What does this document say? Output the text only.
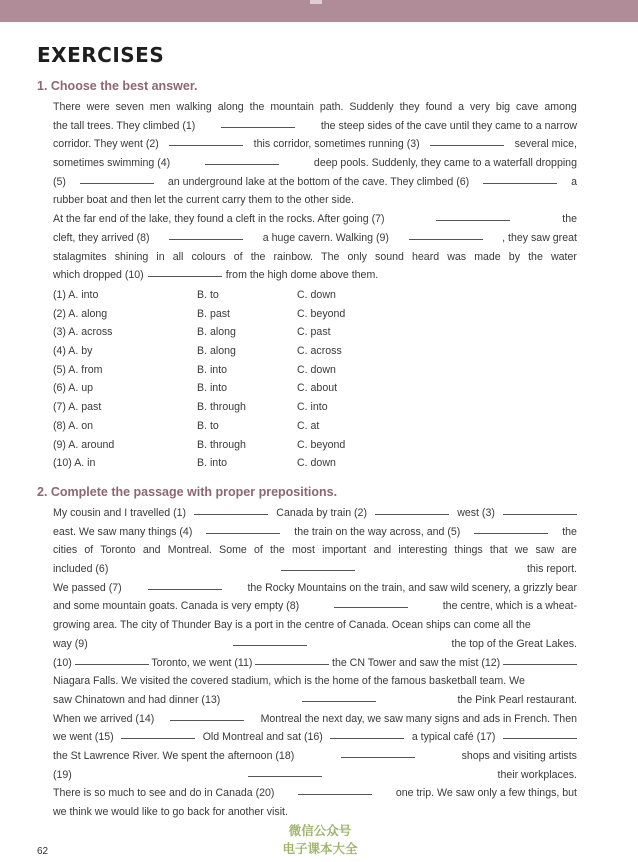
EXERCISES
1. Choose the best answer.
There were seven men walking along the mountain path. Suddenly they found a very big cave among
the tall trees. They climbed (1)	the steep sides of the cave until they came to a narrow
corridor. They went (2)	this corridor, sometimes running (3)	several mice,
sometimes swimming (4)	deep pools. Suddenly, they came to a waterfall dropping
(5)	an underground lake at the bottom of the cave. They climbed (6)	a
rubber boat and then let the current carry them to the other side.
At the far end of the lake, they found a cleft in the rocks. After going (7)	the
cleft, they arrived (8)	a huge cavern. Walking (9)	, they saw great
stalagmites shining in all colours of the rainbow. The only sound heard was made by the water
which dropped (10)	from the high dome above them.
(1) A. into	B. to	C. down
(2) A. along	B. past	C. beyond
(3) A. across	B. along	C. past
(4) A. by	B. along	C. across
(5) A. from	B. into	C. down
(6) A. up	B. into	C. about
(7) A. past	B. through	C. into
(8) A. on	B. to	C. at
(9) A. around	B. through	C. beyond
(10) A. in	B. into	C. down
2. Complete the passage with proper prepositions.
My cousin and I travelled (1)	Canada by train (2)	west (3)
east. We saw many things (4)	the train on the way across, and (5)	the
cities of Toronto and Montreal. Some of the most important and interesting things that we saw are
included (6)	this report.
We passed (7)	the Rocky Mountains on the train, and saw wild scenery, a grizzly bear
and some mountain goats. Canada is very empty (8)	the centre, which is a wheat-
growing area. The city of Thunder Bay is a port in the centre of Canada. Ocean ships can come all the
way (9)	the top of the Great Lakes.
(10)	Toronto, we went (11)	the CN Tower and saw the mist (12)
Niagara Falls. We visited the covered stadium, which is the home of the famous basketball team. We
saw Chinatown and had dinner (13)	the Pink Pearl restaurant.
When we arrived (14)	Montreal the next day, we saw many signs and ads in French. Then
we went (15)	Old Montreal and sat (16)	a typical café (17)
the St Lawrence River. We spent the afternoon (18)	shops and visiting artists
(19)	their workplaces.
There is so much to see and do in Canada (20)	one trip. We saw only a few things, but
we think we would like to go back for another visit.
62
微信公众号
电子课本大全
